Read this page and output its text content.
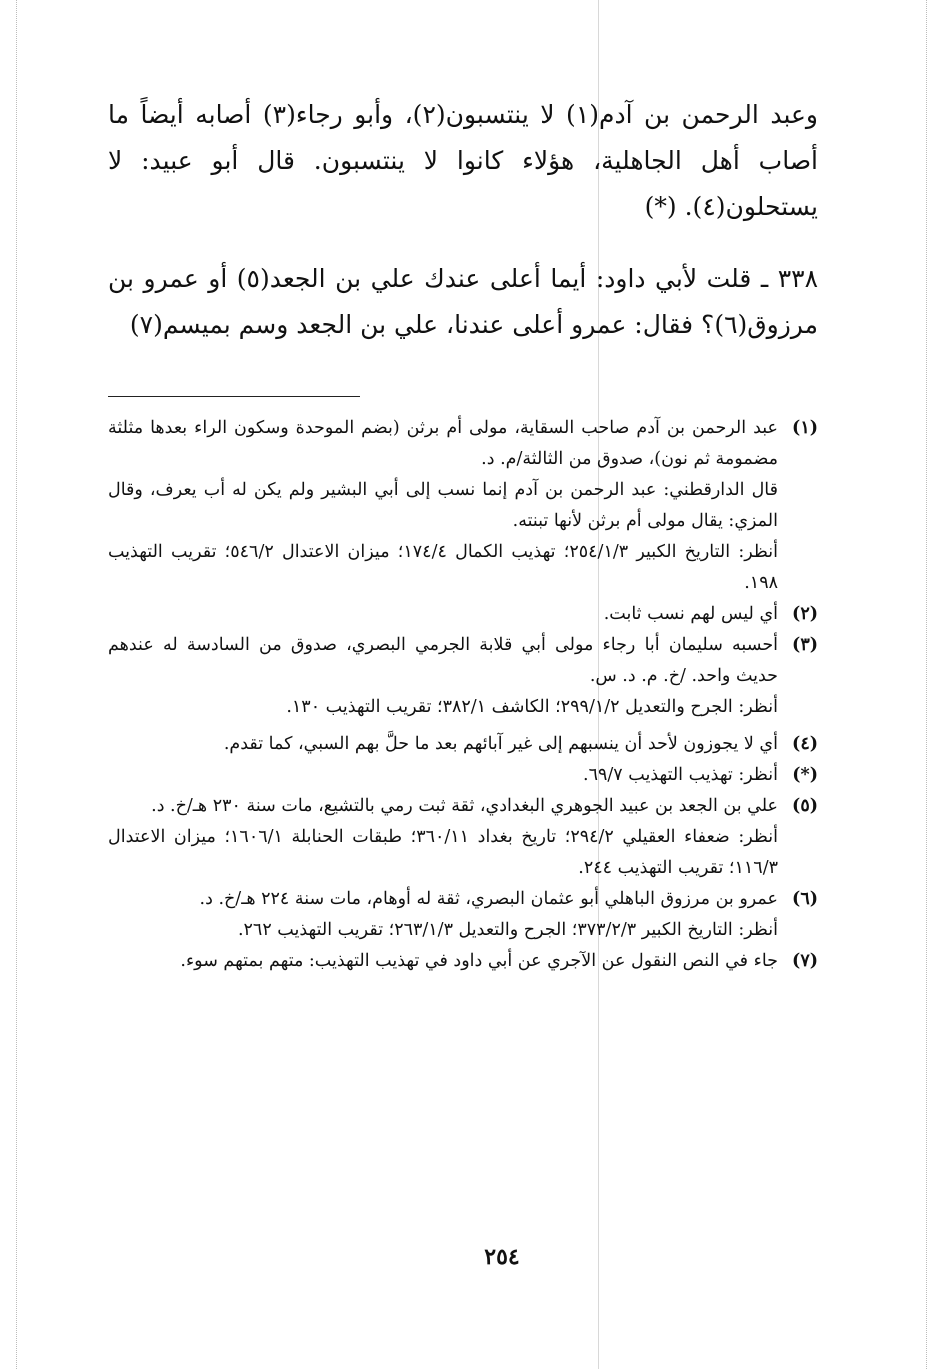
وعبد الرحمن بن آدم(١) لا ينتسبون(٢)، وأبو رجاء(٣) أصابه أيضاً ما أصاب أهل الجاهلية، هؤلاء كانوا لا ينتسبون. قال أبو عبيد: لا يستحلون(٤). (*)

٣٣٨ ـ قلت لأبي داود: أيما أعلى عندك علي بن الجعد(٥) أو عمرو بن مرزوق(٦)؟ فقال: عمرو أعلى عندنا، علي بن الجعد وسم بميسم(٧)

(١)
عبد الرحمن بن آدم صاحب السقاية، مولى أم برثن (بضم الموحدة وسكون الراء بعدها مثلثة مضمومة ثم نون)، صدوق من الثالثة/م. د.
قال الدارقطني: عبد الرحمن بن آدم إنما نسب إلى أبي البشير ولم يكن له أب يعرف، وقال المزي: يقال مولى أم برثن لأنها تبنته.
أنظر: التاريخ الكبير ٢٥٤/١/٣؛ تهذيب الكمال ١٧٤/٤؛ ميزان الاعتدال ٥٤٦/٢؛ تقريب التهذيب ١٩٨.
(٢)
أي ليس لهم نسب ثابت.
(٣)
أحسبه سليمان أبا رجاء مولى أبي قلابة الجرمي البصري، صدوق من السادسة له عندهم حديث واحد. /خ. م. د. س.
أنظر: الجرح والتعديل ٢٩٩/١/٢؛ الكاشف ٣٨٢/١؛ تقريب التهذيب ١٣٠.
(٤)
أي لا يجوزون لأحد أن ينسبهم إلى غير آبائهم بعد ما حلَّ بهم السبي، كما تقدم.
(*)
أنظر: تهذيب التهذيب ٦٩/٧.
(٥)
علي بن الجعد بن عبيد الجوهري البغدادي، ثقة ثبت رمي بالتشيع، مات سنة ٢٣٠ هـ/خ. د.
أنظر: ضعفاء العقيلي ٢٩٤/٢؛ تاريخ بغداد ٣٦٠/١١؛ طبقات الحنابلة ١٦٠٦/١؛ ميزان الاعتدال ١١٦/٣؛ تقريب التهذيب ٢٤٤.
(٦)
عمرو بن مرزوق الباهلي أبو عثمان البصري، ثقة له أوهام، مات سنة ٢٢٤ هـ/خ. د.
أنظر: التاريخ الكبير ٣٧٣/٢/٣؛ الجرح والتعديل ٢٦٣/١/٣؛ تقريب التهذيب ٢٦٢.
(٧)
جاء في النص النقول عن الآجري عن أبي داود في تهذيب التهذيب: متهم بمتهم سوء.
٢٥٤
